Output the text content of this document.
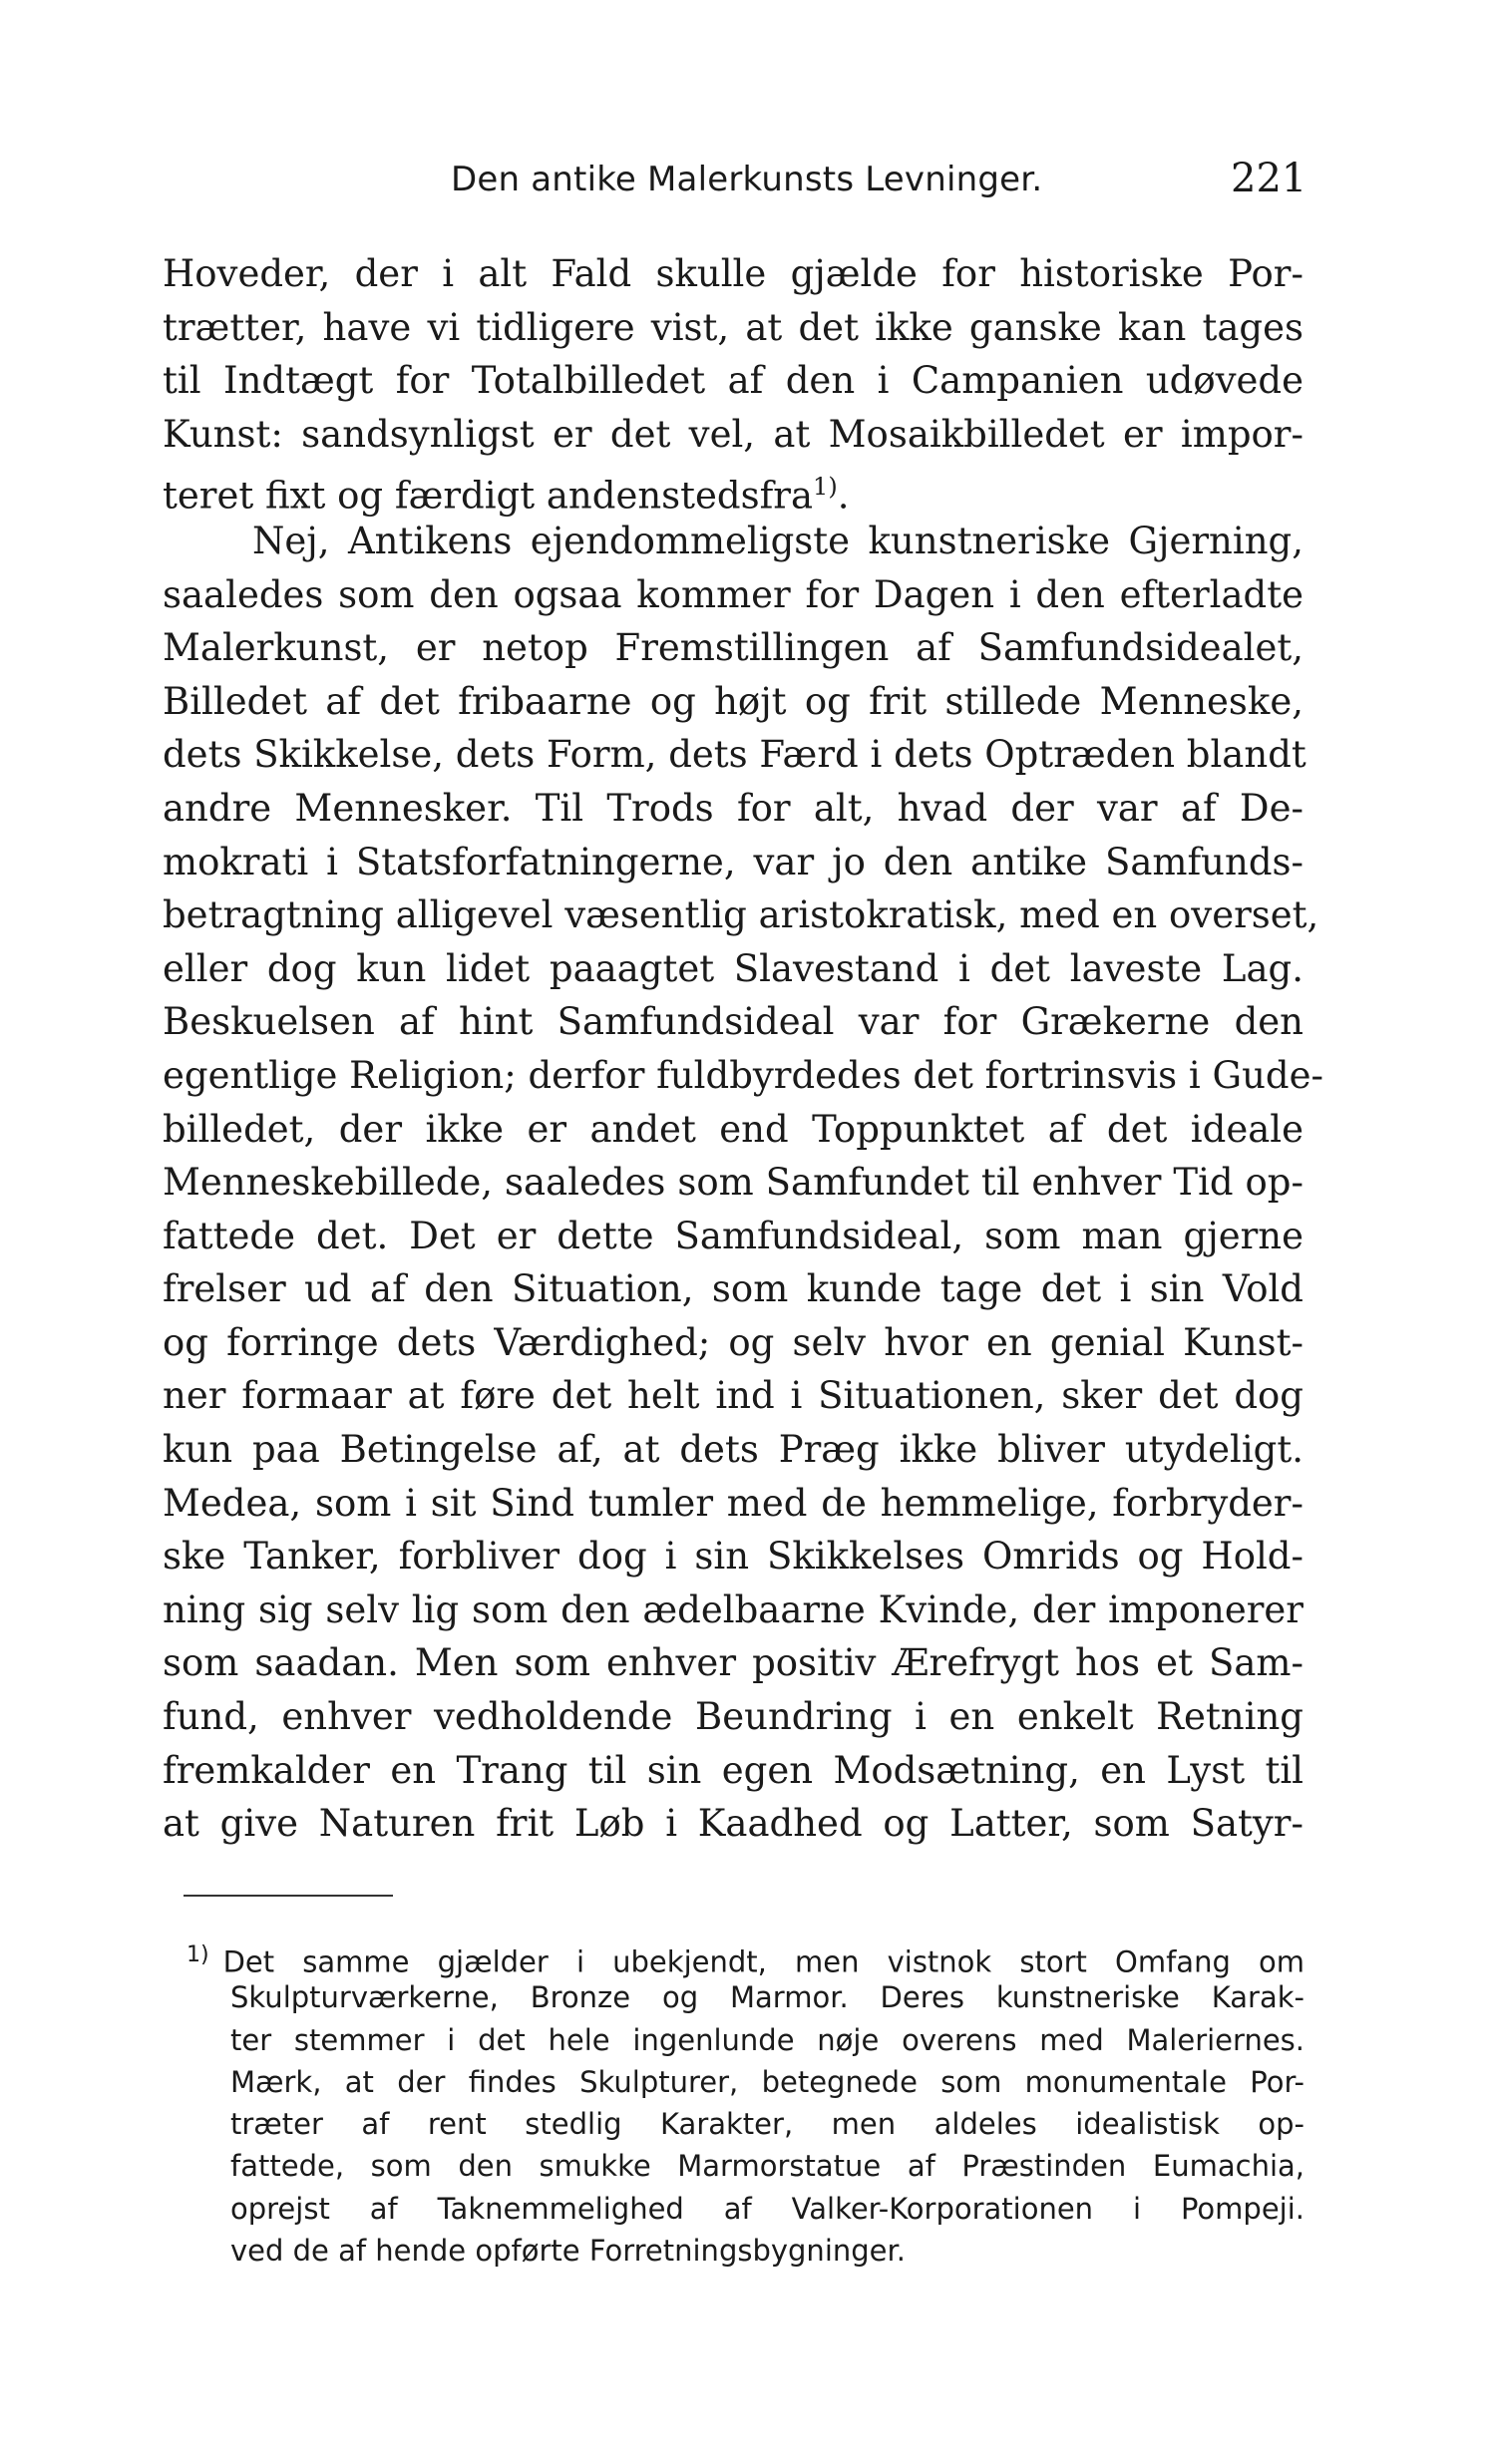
Den antike Malerkunsts Levninger.	221
Hoveder, der i alt Fald skulle gjælde for historiske Por-
trætter, have vi tidligere vist, at det ikke ganske kan tages
til Indtægt for Totalbilledet af den i Campanien udøvede
Kunst: sandsynligst er det vel, at Mosaikbilledet er impor-
teret fixt og færdigt andenstedsfra$^{1)}$.
Nej, Antikens ejendommeligste kunstneriske Gjerning,
saaledes som den ogsaa kommer for Dagen i den efterladte
Malerkunst, er netop Fremstillingen af Samfundsidealet,
Billedet af det fribaarne og højt og frit stillede Menneske,
dets Skikkelse, dets Form, dets Færd i dets Optræden blandt
andre Mennesker. Til Trods for alt, hvad der var af De-
mokrati i Statsforfatningerne, var jo den antike Samfunds-
betragtning alligevel væsentlig aristokratisk, med en overset,
eller dog kun lidet paaagtet Slavestand i det laveste Lag.
Beskuelsen af hint Samfundsideal var for Grækerne den
egentlige Religion; derfor fuldbyrdedes det fortrinsvis i Gude-
billedet, der ikke er andet end Toppunktet af det ideale
Menneskebillede, saaledes som Samfundet til enhver Tid op-
fattede det. Det er dette Samfundsideal, som man gjerne
frelser ud af den Situation, som kunde tage det i sin Vold
og forringe dets Værdighed; og selv hvor en genial Kunst-
ner formaar at føre det helt ind i Situationen, sker det dog
kun paa Betingelse af, at dets Præg ikke bliver utydeligt.
Medea, som i sit Sind tumler med de hemmelige, forbryder-
ske Tanker, forbliver dog i sin Skikkelses Omrids og Hold-
ning sig selv lig som den ædelbaarne Kvinde, der imponerer
som saadan. Men som enhver positiv Ærefrygt hos et Sam-
fund, enhver vedholdende Beundring i en enkelt Retning
fremkalder en Trang til sin egen Modsætning, en Lyst til
at give Naturen frit Løb i Kaadhed og Latter, som Satyr-
$^{1)}$ Det samme gjælder i ubekjendt, men vistnok stort Omfang om
Skulpturværkerne, Bronze og Marmor. Deres kunstneriske Karak-
ter stemmer i det hele ingenlunde nøje overens med Maleriernes.
Mærk, at der findes Skulpturer, betegnede som monumentale Por-
træter af rent stedlig Karakter, men aldeles idealistisk op-
fattede, som den smukke Marmorstatue af Præstinden Eumachia,
oprejst af Taknemmelighed af Valker-Korporationen i Pompeji.
ved de af hende opførte Forretningsbygninger.
